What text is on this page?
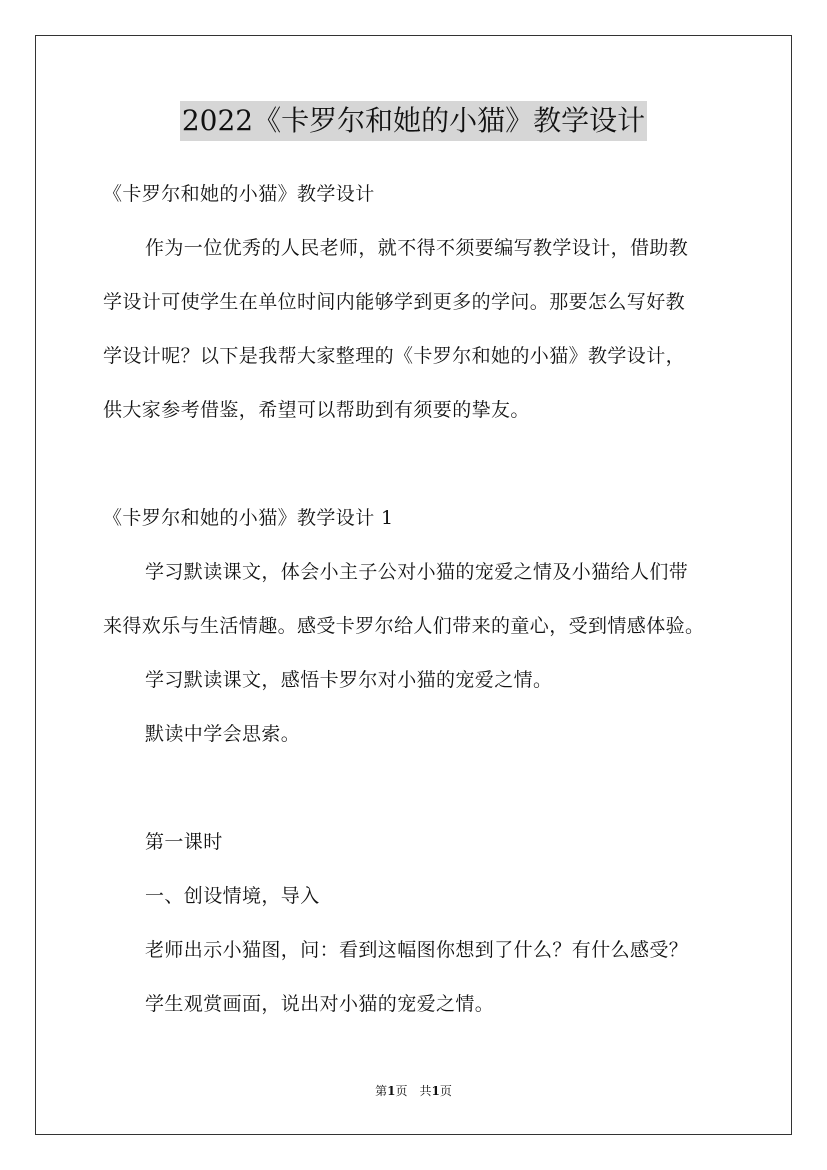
2022《卡罗尔和她的小猫》教学设计
《卡罗尔和她的小猫》教学设计
作为一位优秀的人民老师，就不得不须要编写教学设计，借助教
学设计可使学生在单位时间内能够学到更多的学问。那要怎么写好教
学设计呢？以下是我帮大家整理的《卡罗尔和她的小猫》教学设计，
供大家参考借鉴，希望可以帮助到有须要的挚友。
《卡罗尔和她的小猫》教学设计 1
学习默读课文，体会小主子公对小猫的宠爱之情及小猫给人们带
来得欢乐与生活情趣。感受卡罗尔给人们带来的童心，受到情感体验。
学习默读课文，感悟卡罗尔对小猫的宠爱之情。
默读中学会思索。
第一课时
一、创设情境，导入
老师出示小猫图，问：看到这幅图你想到了什么？有什么感受？
学生观赏画面，说出对小猫的宠爱之情。
第1页　共1页
